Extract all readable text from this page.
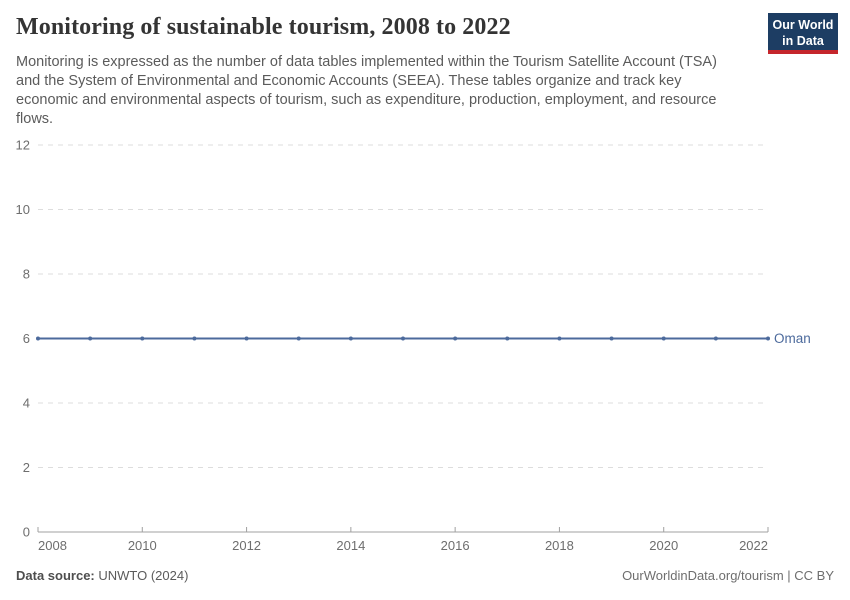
Monitoring of sustainable tourism, 2008 to 2022	Our World
in Data

Monitoring is expressed as the number of data tables implemented within the Tourism Satellite Account (TSA) and the System of Environmental and Economic Accounts (SEEA). These tables organize and track key economic and environmental aspects of tourism, such as expenditure, production, employment, and resource flows.

0
2
4
6
8
10
12
2008	2010	2012	2014	2016	2018	2020	2022
Oman
Data source: UNWTO (2024)	OurWorldinData.org/tourism | CC BY
